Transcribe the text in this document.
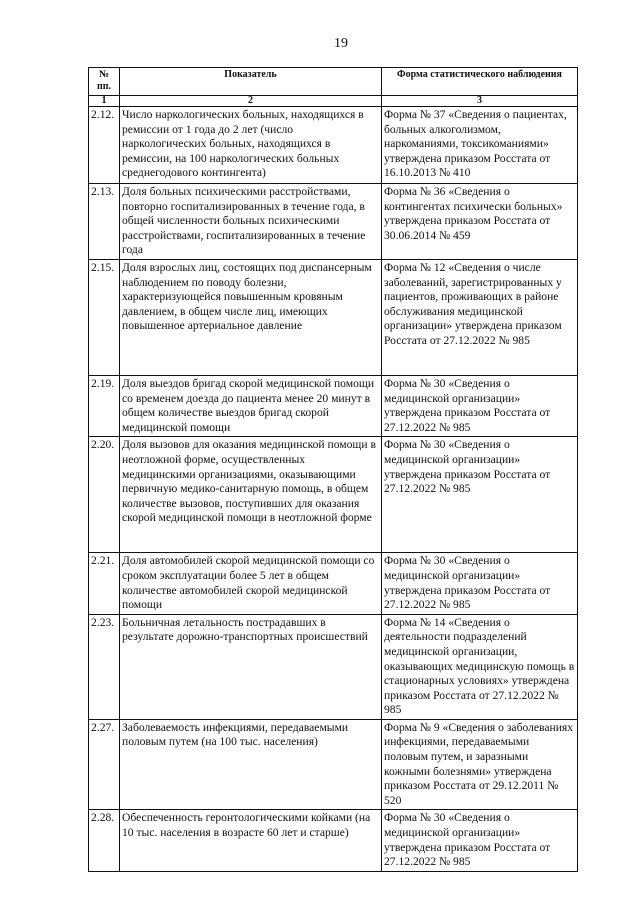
19
№ пп.	Показатель	Форма статистического наблюдения
1	2	3
2.12.	Число наркологических больных, находящихся в ремиссии от 1 года до 2 лет (число наркологических больных, находящихся в ремиссии, на 100 наркологических больных среднегодового контингента)	Форма № 37 «Сведения о пациентах, больных алкоголизмом, наркоманиями, токсикоманиями» утверждена приказом Росстата от 16.10.2013 № 410
2.13.	Доля больных психическими расстройствами, повторно госпитализированных в течение года, в общей численности больных психическими расстройствами, госпитализированных в течение года	Форма № 36 «Сведения о контингентах психически больных» утверждена приказом Росстата от 30.06.2014 № 459
2.15.	Доля взрослых лиц, состоящих под диспансерным наблюдением по поводу болезни, характеризующейся повышенным кровяным давлением, в общем числе лиц, имеющих повышенное артериальное давление	Форма № 12 «Сведения о числе заболеваний, зарегистрированных у пациентов, проживающих в районе обслуживания медицинской организации» утверждена приказом Росстата от 27.12.2022 № 985
2.19.	Доля выездов бригад скорой медицинской помощи со временем доезда до пациента менее 20 минут в общем количестве выездов бригад скорой медицинской помощи	Форма № 30 «Сведения о медицинской организации» утверждена приказом Росстата от 27.12.2022 № 985
2.20.	Доля вызовов для оказания медицинской помощи в неотложной форме, осуществленных медицинскими организациями, оказывающими первичную медико-санитарную помощь, в общем количестве вызовов, поступивших для оказания скорой медицинской помощи в неотложной форме	Форма № 30 «Сведения о медицинской организации» утверждена приказом Росстата от 27.12.2022 № 985
2.21.	Доля автомобилей скорой медицинской помощи со сроком эксплуатации более 5 лет в общем количестве автомобилей скорой медицинской помощи	Форма № 30 «Сведения о медицинской организации» утверждена приказом Росстата от 27.12.2022 № 985
2.23.	Больничная летальность пострадавших в результате дорожно-транспортных происшествий	Форма № 14 «Сведения о деятельности подразделений медицинской организации, оказывающих медицинскую помощь в стационарных условиях» утверждена приказом Росстата от 27.12.2022 № 985
2.27.	Заболеваемость инфекциями, передаваемыми половым путем (на 100 тыс. населения)	Форма № 9 «Сведения о заболеваниях инфекциями, передаваемыми половым путем, и заразными кожными болезнями» утверждена приказом Росстата от 29.12.2011 № 520
2.28.	Обеспеченность геронтологическими койками (на 10 тыс. населения в возрасте 60 лет и старше)	Форма № 30 «Сведения о медицинской организации» утверждена приказом Росстата от 27.12.2022 № 985
